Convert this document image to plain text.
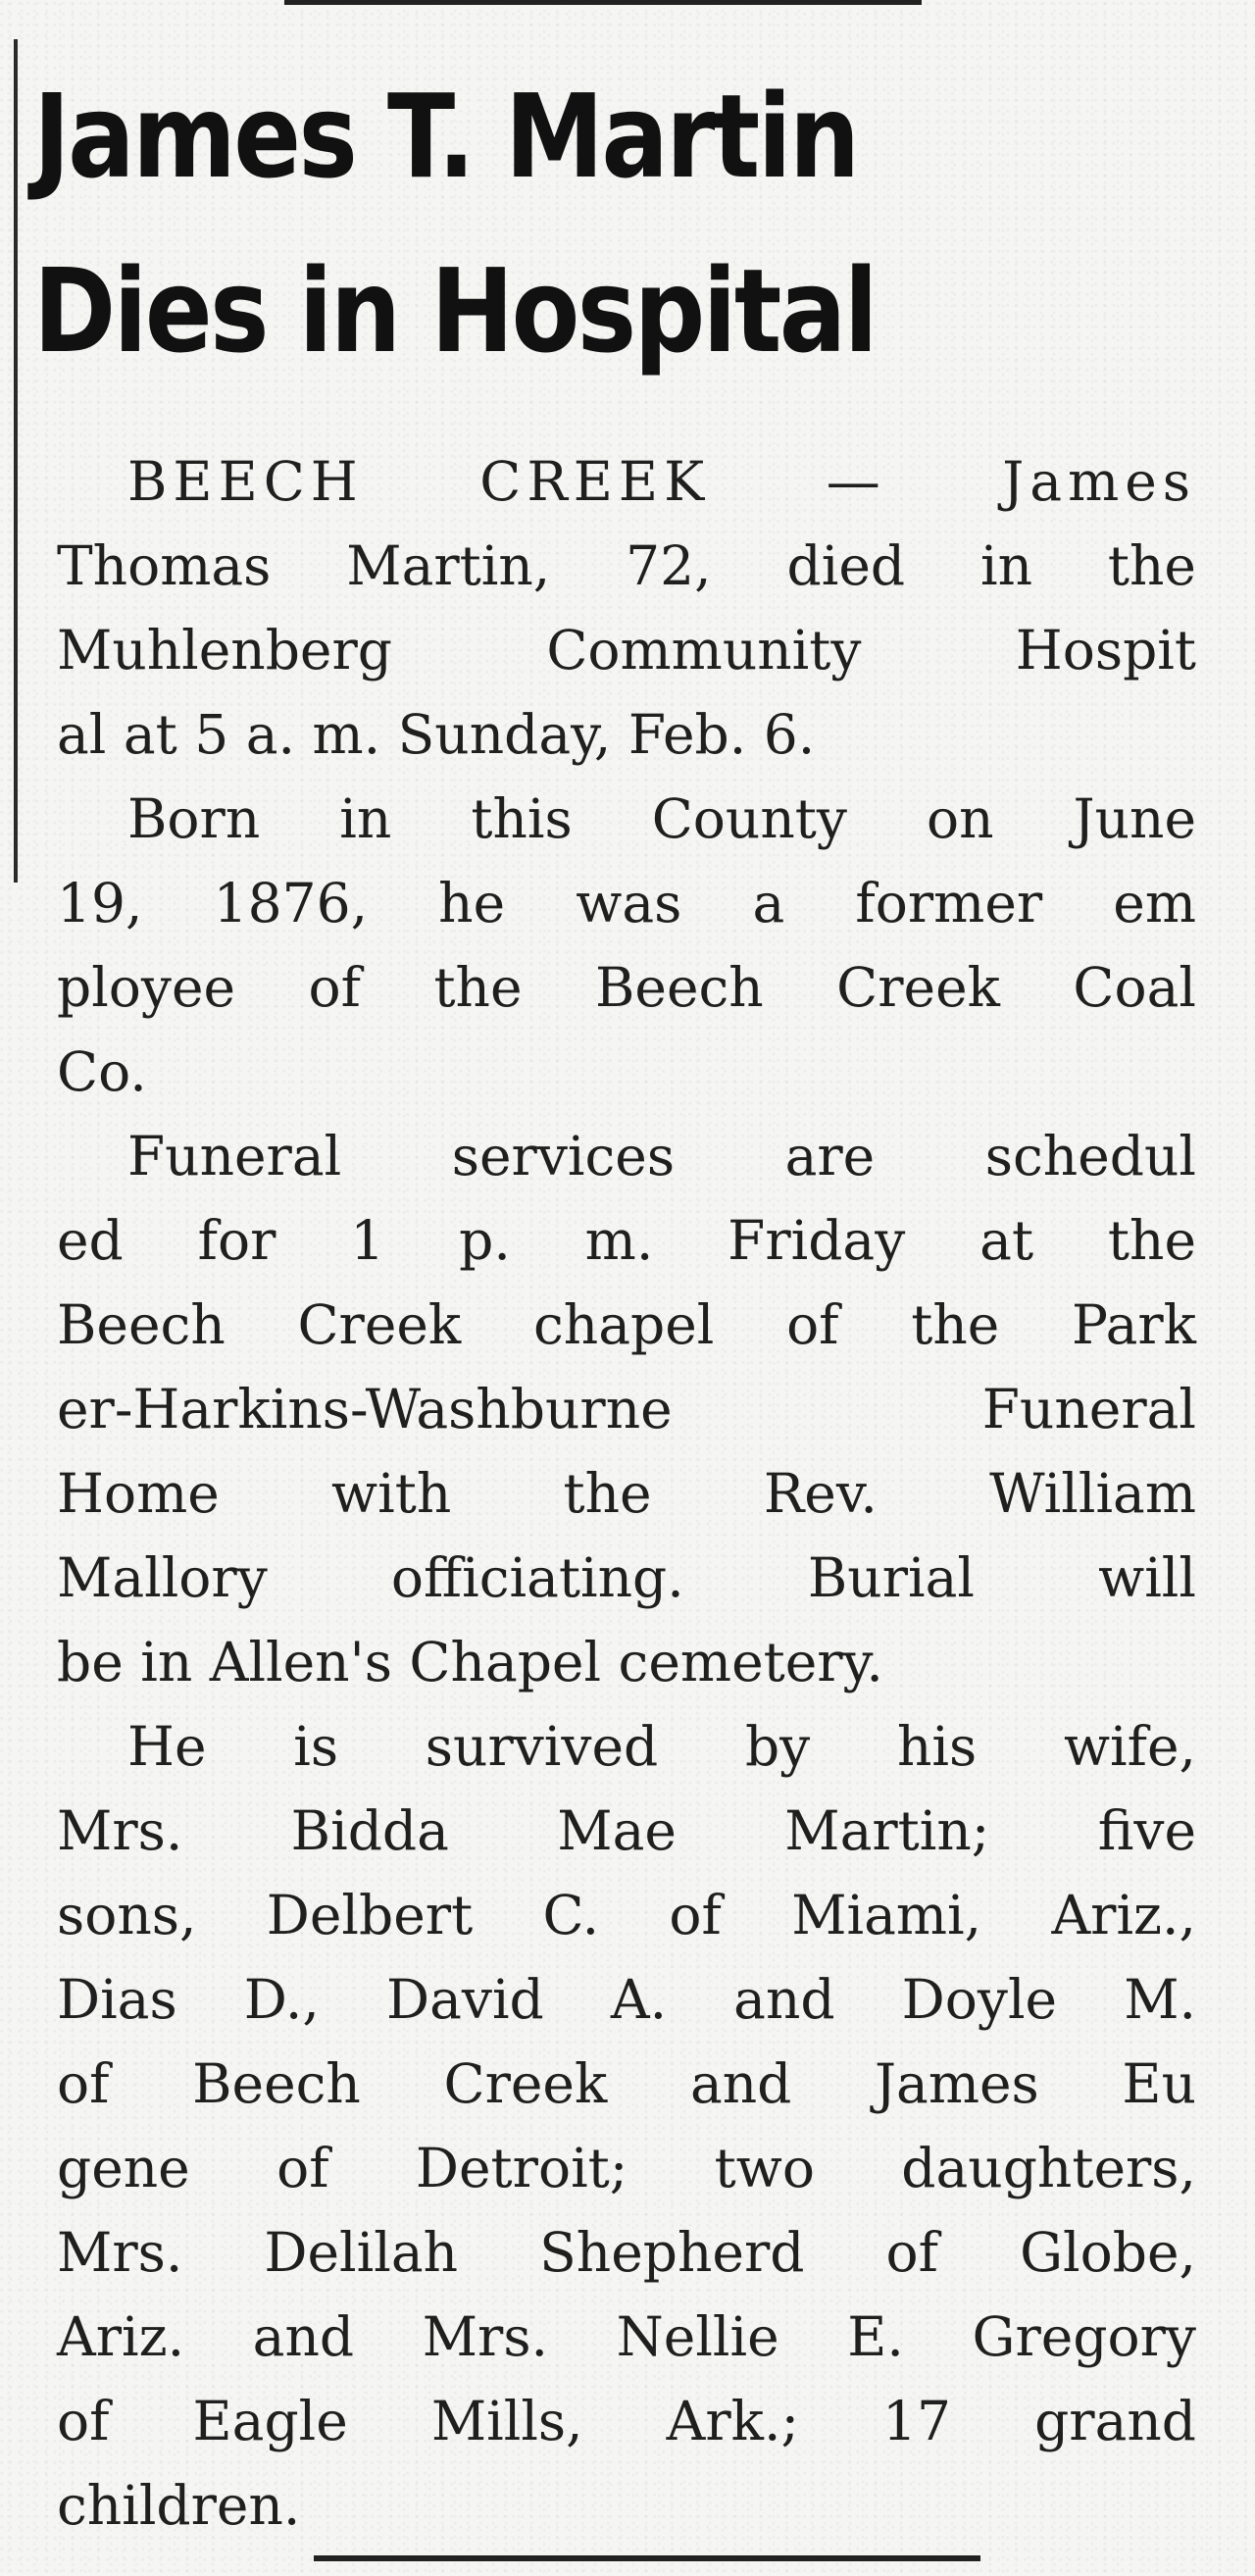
James T. Martin
Dies in Hospital
BEECH CREEK — James
Thomas Martin, 72, died in the
Muhlenberg Community Hospit
al at 5 a. m. Sunday, Feb. 6.
Born in this County on June
19, 1876, he was a former em
ployee of the Beech Creek Coal
Co.
Funeral services are schedul
ed for 1 p. m. Friday at the
Beech Creek chapel of the Park
er-Harkins-Washburne Funeral
Home with the Rev. William
Mallory officiating. Burial will
be in Allen's Chapel cemetery.
He is survived by his wife,
Mrs. Bidda Mae Martin; five
sons, Delbert C. of Miami, Ariz.,
Dias D., David A. and Doyle M.
of Beech Creek and James Eu
gene of Detroit; two daughters,
Mrs. Delilah Shepherd of Globe,
Ariz. and Mrs. Nellie E. Gregory
of Eagle Mills, Ark.; 17 grand
children.
